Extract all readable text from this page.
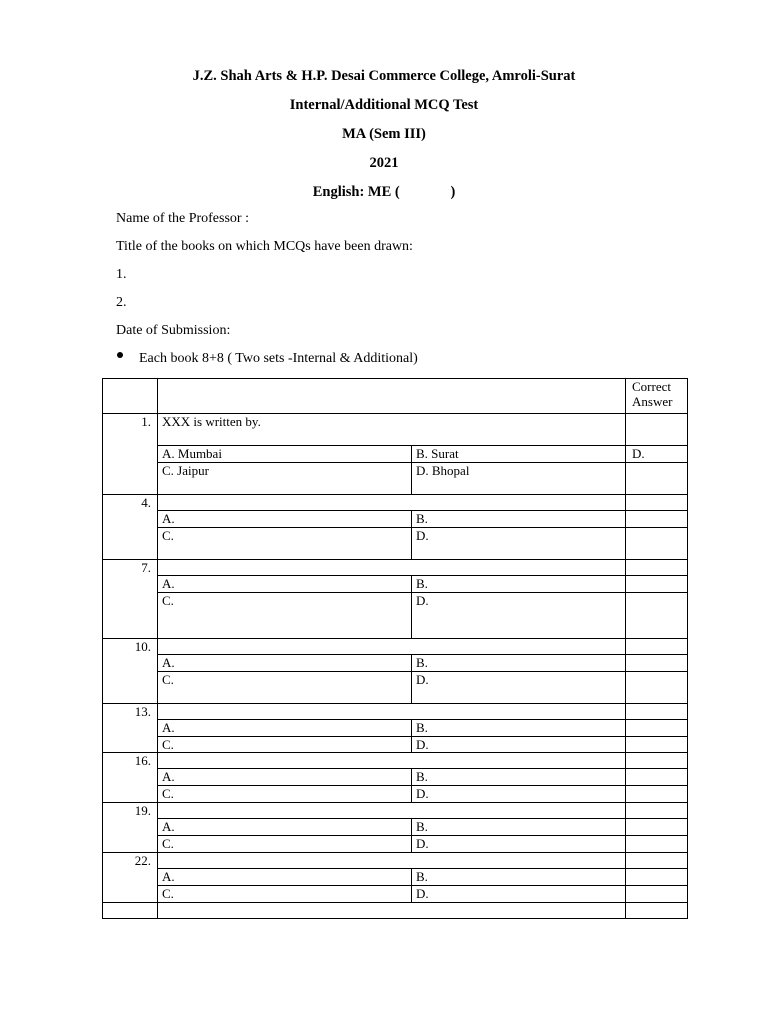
J.Z. Shah Arts & H.P. Desai Commerce College, Amroli-Surat
Internal/Additional MCQ Test
MA (Sem III)
2021
English: ME (              )
Name of the Professor :
Title of the books on which MCQs have been drawn:
1.
2.
Date of Submission:
Each book 8+8 ( Two sets -Internal & Additional)
			Correct
Answer
1.	XXX is written by.		
	A. Mumbai	B. Surat	D.
	C. Jaipur	D. Bhopal	
4.			
	A.	B.	
	C.	D.	
7.			
	A.	B.	
	C.	D.	
10.			
	A.	B.	
	C.	D.	
13.			
	A.	B.	
	C.	D.	
16.			
	A.	B.	
	C.	D.	
19.			
	A.	B.	
	C.	D.	
22.			
	A.	B.	
	C.	D.	
